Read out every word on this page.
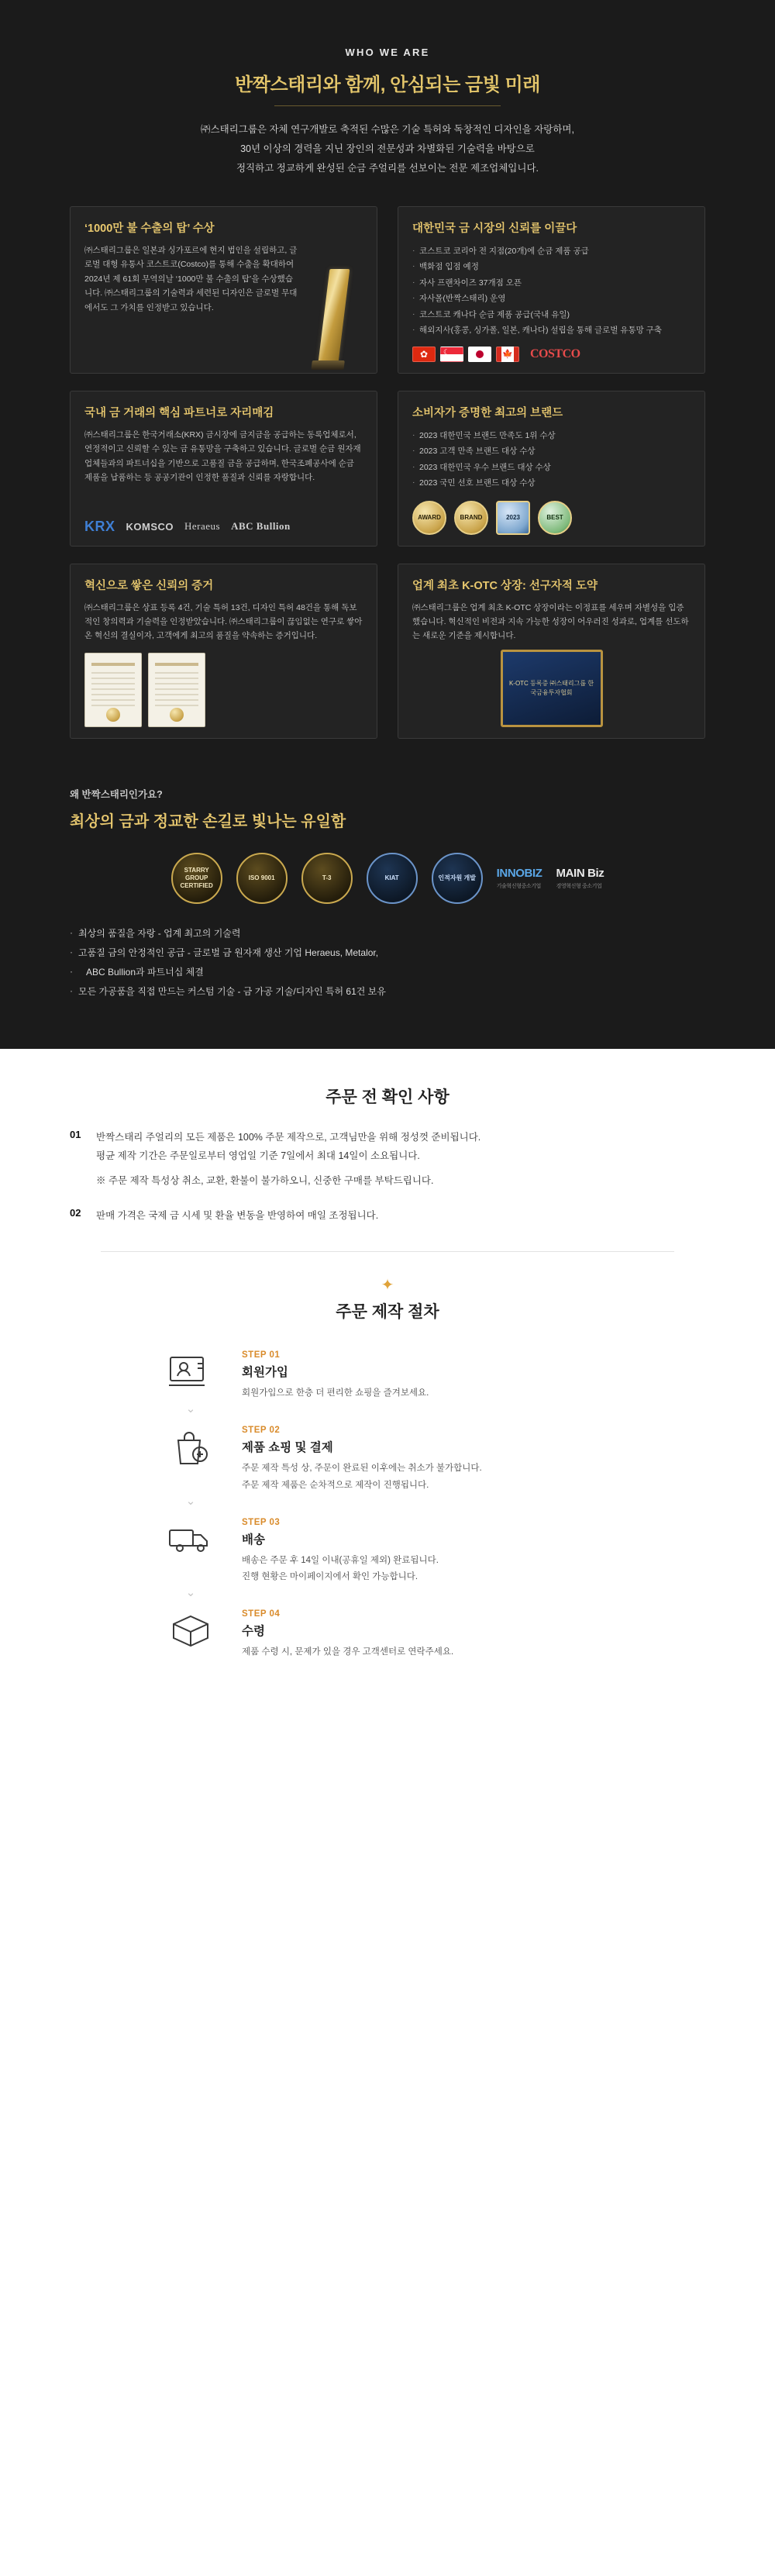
WHO WE ARE
반짝스태리와 함께, 안심되는 금빛 미래

㈜스태리그룹은 자체 연구개발로 축적된 수많은 기술 특허와 독창적인 디자인을 자랑하며,

30년 이상의 경력을 지닌 장인의 전문성과 차별화된 기술력을 바탕으로

정직하고 정교하게 완성된 순금 주얼리를 선보이는 전문 제조업체입니다.

‘1000만 불 수출의 탑’ 수상
㈜스태리그룹은 일본과 싱가포르에 현지 법인을 설립하고, 글로벌 대형 유통사 코스트코(Costco)를 통해 수출을 확대하여 2024년 제 61회 무역의날 ‘1000만 불 수출의 탑’을 수상했습니다. ㈜스태리그룹의 기술력과 세련된 디자인은 글로벌 무대에서도 그 가치를 인정받고 있습니다.
대한민국 금 시장의 신뢰를 이끌다
· 코스트코 코리아 전 지점(20개)에 순금 제품 공급
· 백화점 입점 예정
· 자사 프랜차이즈 37개점 오픈
· 자사몰(반짝스태리) 운영
· 코스트코 캐나다 순금 제품 공급(국내 유일)
· 해외지사(홍콩, 싱가폴, 일본, 캐나다) 설립을 통해 글로벌 유통망 구축
✿
☾
🍁
COSTCO
국내 금 거래의 핵심 파트너로 자리매김
㈜스태리그룹은 한국거래소(KRX) 금시장에 금지금을 공급하는 동록업체로서, 연정적이고 신뢰할 수 있는 금 유통망을 구축하고 있습니다. 글로벌 순금 원자재 업체들과의 파트너십을 기반으로 고품질 금을 공급하며, 한국조폐공사에 순금 제품을 납품하는 등 공공기관이 인정한 품질과 신뢰를 자랑합니다.
KRX KOMSCO Heraeus ABC Bullion
소비자가 증명한 최고의 브랜드
· 2023 대한민국 브랜드 만족도 1위 수상
· 2023 고객 만족 브랜드 대상 수상
· 2023 대한민국 우수 브랜드 대상 수상
· 2023 국민 선호 브랜드 대상 수상
AWARD	BRAND	2023	BEST
혁신으로 쌓은 신뢰의 증거
㈜스태리그룹은 상표 등록 4건, 기술 특허 13건, 디자인 특허 48건을 통해 독보적인 창의력과 기술력을 인정받았습니다. ㈜스태리그룹이 끊임없는 연구로 쌓아온 혁신의 결실이자, 고객에게 최고의 품질을 약속하는 증거입니다.
업계 최초 K-OTC 상장: 선구자적 도약
㈜스태리그룹은 업계 최초 K-OTC 상장이라는 이정표를 세우며 자별성을 입증했습니다. 혁신적인 비전과 지속 가능한 성장이 어우러진 성과로, 업계를 선도하는 새로운 기준을 제시합니다.
K-OTC 등록증 ㈜스태리그룹 한국금융투자협회
왜 반짝스태리인가요?
최상의 금과 정교한 손길로 빛나는 유일함
STARRY GROUP CERTIFIED
ISO 9001	T-3	KIAT	인적자원 개발	INNOBIZ
기술혁신형중소기업
MAIN Biz
경영혁신형 중소기업
· 최상의 품질을 자랑 - 업계 최고의 기술력
· 고품질 금의 안정적인 공급 - 글로벌 금 원자재 생산 기업 Heraeus, Metalor,
· ABC Bullion과 파트너십 체결
· 모든 가공품을 직접 만드는 커스텀 기술 - 금 가공 기술/디자인 특허 61건 보유
주문 전 확인 사항
01	반짝스태리 주얼리의 모든 제품은 100% 주문 제작으로, 고객님만을 위해 정성껏 준비됩니다.

평균 제작 기간은 주문일로부터 영업일 기준 7일에서 최대 14일이 소요됩니다.

※ 주문 제작 특성상 취소, 교환, 환불이 불가하오니, 신중한 구매를 부탁드립니다.

02	판매 가격은 국제 금 시세 및 환율 변동을 반영하여 매일 조정됩니다.

✦
주문 제작 절차
STEP 01
회원가입
회원가입으로 한층 더 편리한 쇼핑을 즐겨보세요.
⌄
STEP 02
제품 쇼핑 및 결제
주문 제작 특성 상, 주문이 완료된 이후에는 취소가 불가합니다.
주문 제작 제품은 순차적으로 제작이 진행됩니다.
⌄
STEP 03
배송
배송은 주문 후 14일 이내(공휴일 제외) 완료됩니다.
진행 현황은 마이페이지에서 확인 가능합니다.
⌄
STEP 04
수령
제품 수령 시, 문제가 있을 경우 고객센터로 연락주세요.
